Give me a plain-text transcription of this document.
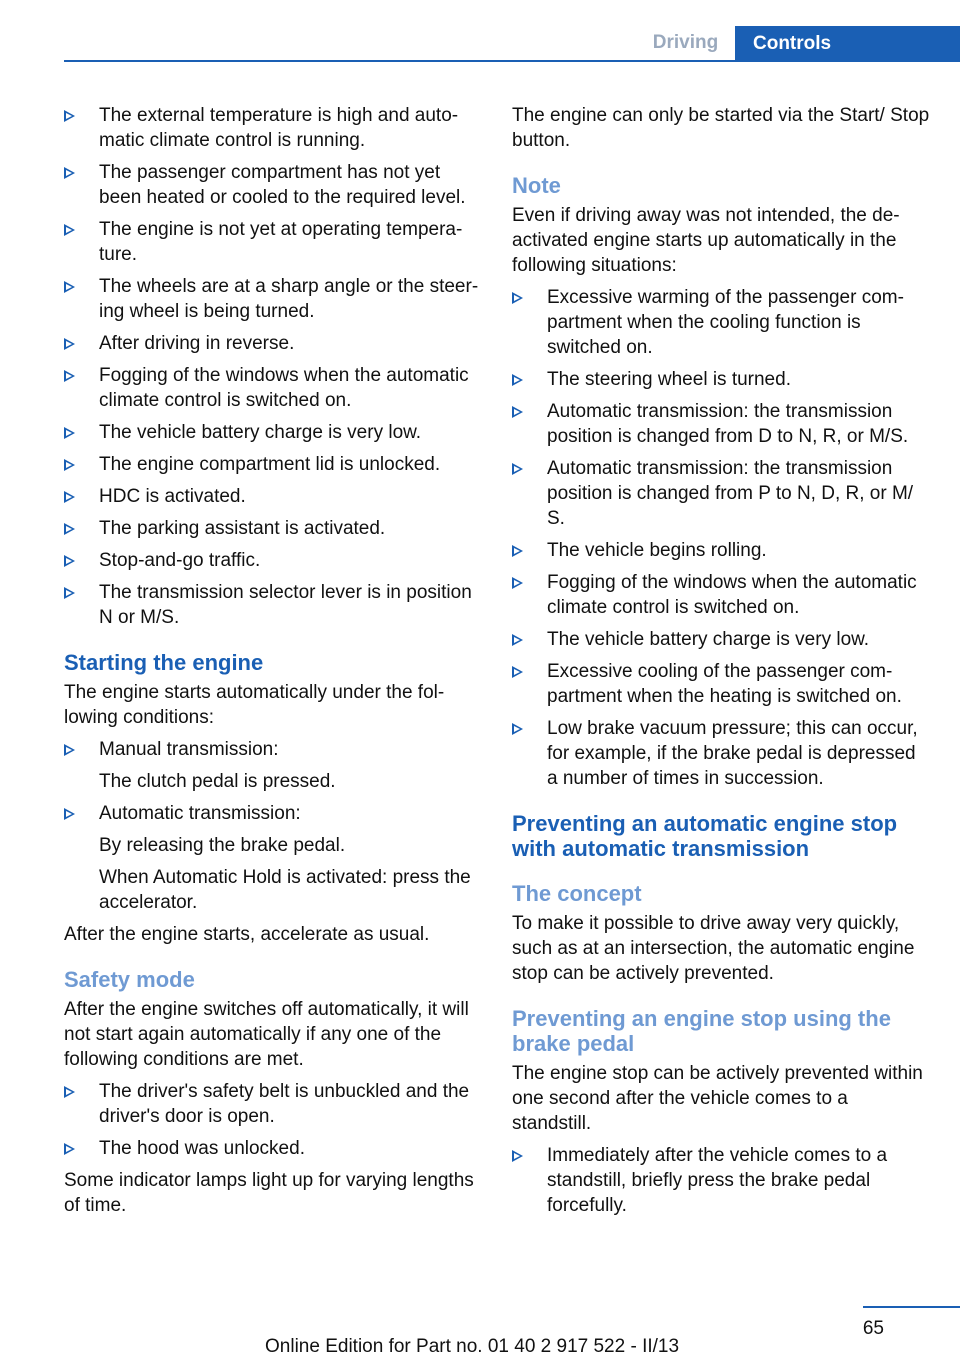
Driving	Controls
The external temperature is high and automatic climate control is running.
The passenger compartment has not yet been heated or cooled to the required level.
The engine is not yet at operating temperature.
The wheels are at a sharp angle or the steering wheel is being turned.
After driving in reverse.
Fogging of the windows when the automatic climate control is switched on.
The vehicle battery charge is very low.
The engine compartment lid is unlocked.
HDC is activated.
The parking assistant is activated.
Stop-and-go traffic.
The transmission selector lever is in position N or M/S.
Starting the engine

The engine starts automatically under the following conditions:

Manual transmission:
The clutch pedal is pressed.
Automatic transmission:
By releasing the brake pedal.
When Automatic Hold is activated: press the accelerator.

After the engine starts, accelerate as usual.

Safety mode

After the engine switches off automatically, it will not start again automatically if any one of the following conditions are met.

The driver's safety belt is unbuckled and the driver's door is open.
The hood was unlocked.

Some indicator lamps light up for varying lengths of time.

The engine can only be started via the Start/ Stop button.

Note

Even if driving away was not intended, the deactivated engine starts up automatically in the following situations:

Excessive warming of the passenger compartment when the cooling function is switched on.
The steering wheel is turned.
Automatic transmission: the transmission position is changed from D to N, R, or M/S.
Automatic transmission: the transmission position is changed from P to N, D, R, or M/ S.
The vehicle begins rolling.
Fogging of the windows when the automatic climate control is switched on.
The vehicle battery charge is very low.
Excessive cooling of the passenger compartment when the heating is switched on.
Low brake vacuum pressure; this can occur, for example, if the brake pedal is depressed a number of times in succession.
Preventing an automatic engine stop with automatic transmission
The concept

To make it possible to drive away very quickly, such as at an intersection, the automatic engine stop can be actively prevented.

Preventing an engine stop using the brake pedal

The engine stop can be actively prevented within one second after the vehicle comes to a standstill.

Immediately after the vehicle comes to a standstill, briefly press the brake pedal forcefully.
65
Online Edition for Part no. 01 40 2 917 522 - II/13
